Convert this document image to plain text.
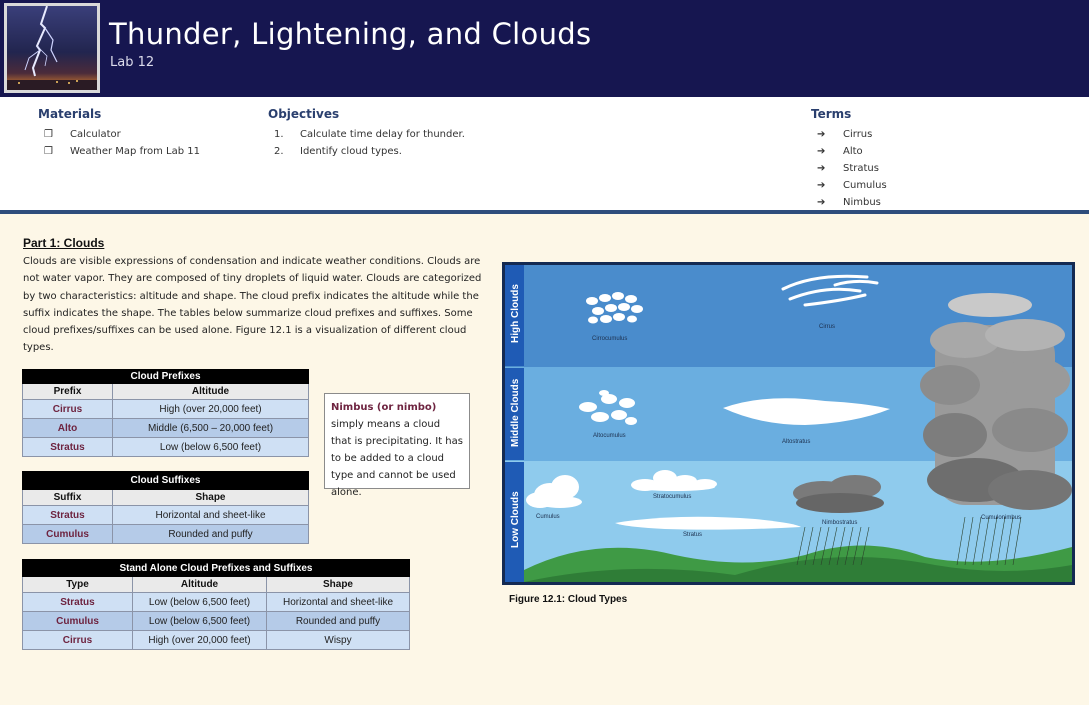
Thunder, Lightening, and Clouds
Lab 12
Materials
❒ Calculator
❒ Weather Map from Lab 11
Objectives
1. Calculate time delay for thunder.
2. Identify cloud types.
Terms
➔ Cirrus
➔ Alto
➔ Stratus
➔ Cumulus
➔ Nimbus
Part 1: Clouds
Clouds are visible expressions of condensation and indicate weather conditions. Clouds are not water vapor. They are composed of tiny droplets of liquid water. Clouds are categorized by two characteristics: altitude and shape. The cloud prefix indicates the altitude while the suffix indicates the shape. The tables below summarize cloud prefixes and suffixes. Some cloud prefixes/suffixes can be used alone. Figure 12.1 is a visualization of different cloud types.
Cloud Prefixes	
Prefix	Altitude
Cirrus	High (over 20,000 feet)
Alto	Middle (6,500 – 20,000 feet)
Stratus	Low (below 6,500 feet)
Cloud Suffixes	
Suffix	Shape
Stratus	Horizontal and sheet-like
Cumulus	Rounded and puffy
Stand Alone Cloud Prefixes and Suffixes		
Type	Altitude	Shape
Stratus	Low (below 6,500 feet)	Horizontal and sheet-like
Cumulus	Low (below 6,500 feet)	Rounded and puffy
Cirrus	High (over 20,000 feet)	Wispy
Nimbus (or nimbo) simply means a cloud that is precipitating. It has to be added to a cloud type and cannot be used alone.
High Clouds
Middle Clouds
Low Clouds
Cirrocumulus
Cirrus
Altocumulus
Altostratus
Cumulonimbus
Nimbostratus
Stratocumulus
Cumulus
Stratus
Figure 12.1: Cloud Types
